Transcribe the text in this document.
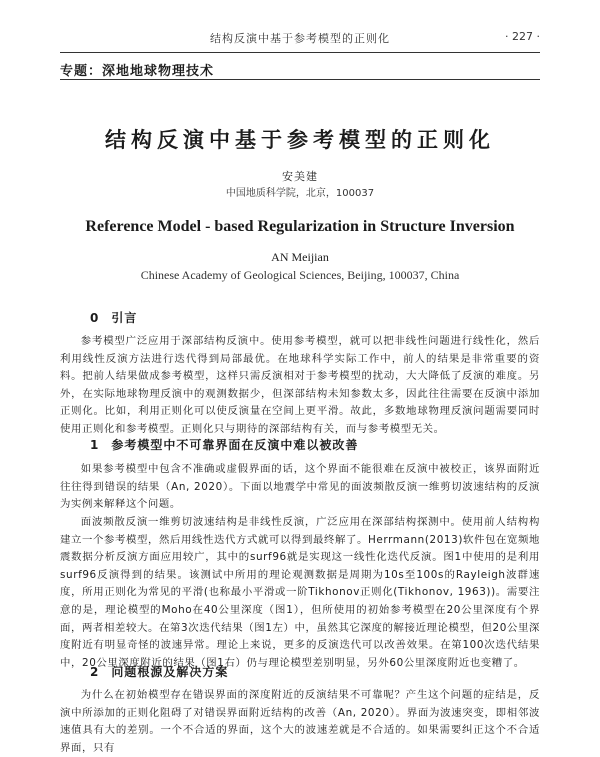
结构反演中基于参考模型的正则化	· 227 ·
专题：深地地球物理技术
结构反演中基于参考模型的正则化
安美建
中国地质科学院，北京，100037
Reference Model - based Regularization in Structure Inversion
AN Meijian
Chinese Academy of Geological Sciences, Beijing, 100037, China
0 引言
参考模型广泛应用于深部结构反演中。使用参考模型，就可以把非线性问题进行线性化，然后利用线性反演方法进行迭代得到局部最优。在地球科学实际工作中，前人的结果是非常重要的资料。把前人结果做成参考模型，这样只需反演相对于参考模型的扰动，大大降低了反演的难度。另外，在实际地球物理反演中的观测数据少，但深部结构未知参数太多，因此往往需要在反演中添加正则化。比如，利用正则化可以使反演量在空间上更平滑。故此，多数地球物理反演问题需要同时使用正则化和参考模型。正则化只与期待的深部结构有关，而与参考模型无关。
1 参考模型中不可靠界面在反演中难以被改善
如果参考模型中包含不准确或虚假界面的话，这个界面不能很难在反演中被校正，该界面附近往往得到错误的结果（An, 2020）。下面以地震学中常见的面波频散反演一维剪切波速结构的反演为实例来解释这个问题。
面波频散反演一维剪切波速结构是非线性反演，广泛应用在深部结构探测中。使用前人结构构建立一个参考模型，然后用线性迭代方式就可以得到最终解了。Herrmann(2013)软件包在宽频地震数据分析反演方面应用较广，其中的surf96就是实现这一线性化迭代反演。图1中使用的是利用surf96反演得到的结果。该测试中所用的理论观测数据是周期为10s至100s的Rayleigh波群速度，所用正则化为常见的平滑(也称最小平滑或一阶Tikhonov正则化(Tikhonov, 1963))。需要注意的是，理论模型的Moho在40公里深度（图1），但所使用的初始参考模型在20公里深度有个界面，两者相差较大。在第3次迭代结果（图1左）中，虽然其它深度的解接近理论模型，但20公里深度附近有明显奇怪的波速异常。理论上来说，更多的反演迭代可以改善效果。在第100次迭代结果中，20公里深度附近的结果（图1右）仍与理论模型差别明显，另外60公里深度附近也变糟了。
2 问题根源及解决方案
为什么在初始模型存在错误界面的深度附近的反演结果不可靠呢？产生这个问题的症结是，反演中所添加的正则化阻碍了对错误界面附近结构的改善（An, 2020）。界面为波速突变，即相邻波速值具有大的差别。一个不合适的界面，这个大的波速差就是不合适的。如果需要纠正这个不合适界面，只有
